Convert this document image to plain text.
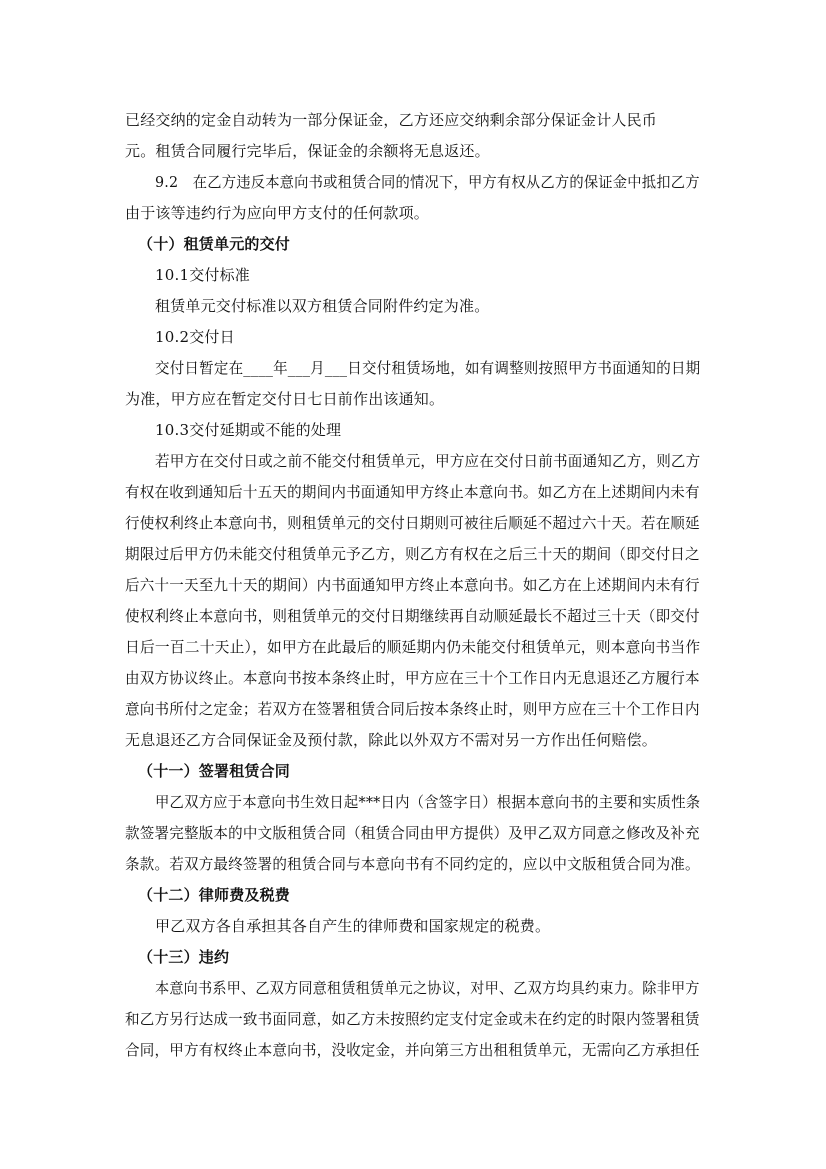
已经交纳的定金自动转为一部分保证金，乙方还应交纳剩余部分保证金计人民币
元。租赁合同履行完毕后，保证金的余额将无息返还。
9.2　在乙方违反本意向书或租赁合同的情况下，甲方有权从乙方的保证金中抵扣乙方
由于该等违约行为应向甲方支付的任何款项。
（十）租赁单元的交付
10.1交付标准
租赁单元交付标准以双方租赁合同附件约定为准。
10.2交付日
交付日暂定在____年___月___日交付租赁场地，如有调整则按照甲方书面通知的日期
为准，甲方应在暂定交付日七日前作出该通知。
10.3交付延期或不能的处理
若甲方在交付日或之前不能交付租赁单元，甲方应在交付日前书面通知乙方，则乙方
有权在收到通知后十五天的期间内书面通知甲方终止本意向书。如乙方在上述期间内未有
行使权利终止本意向书，则租赁单元的交付日期则可被往后顺延不超过六十天。若在顺延
期限过后甲方仍未能交付租赁单元予乙方，则乙方有权在之后三十天的期间（即交付日之
后六十一天至九十天的期间）内书面通知甲方终止本意向书。如乙方在上述期间内未有行
使权利终止本意向书，则租赁单元的交付日期继续再自动顺延最长不超过三十天（即交付
日后一百二十天止），如甲方在此最后的顺延期内仍未能交付租赁单元，则本意向书当作
由双方协议终止。本意向书按本条终止时，甲方应在三十个工作日内无息退还乙方履行本
意向书所付之定金；若双方在签署租赁合同后按本条终止时，则甲方应在三十个工作日内
无息退还乙方合同保证金及预付款，除此以外双方不需对另一方作出任何赔偿。
（十一）签署租赁合同
甲乙双方应于本意向书生效日起***日内（含签字日）根据本意向书的主要和实质性条
款签署完整版本的中文版租赁合同（租赁合同由甲方提供）及甲乙双方同意之修改及补充
条款。若双方最终签署的租赁合同与本意向书有不同约定的，应以中文版租赁合同为准。
（十二）律师费及税费
甲乙双方各自承担其各自产生的律师费和国家规定的税费。
（十三）违约
本意向书系甲、乙双方同意租赁租赁单元之协议，对甲、乙双方均具约束力。除非甲方
和乙方另行达成一致书面同意，如乙方未按照约定支付定金或未在约定的时限内签署租赁
合同，甲方有权终止本意向书，没收定金，并向第三方出租租赁单元，无需向乙方承担任
